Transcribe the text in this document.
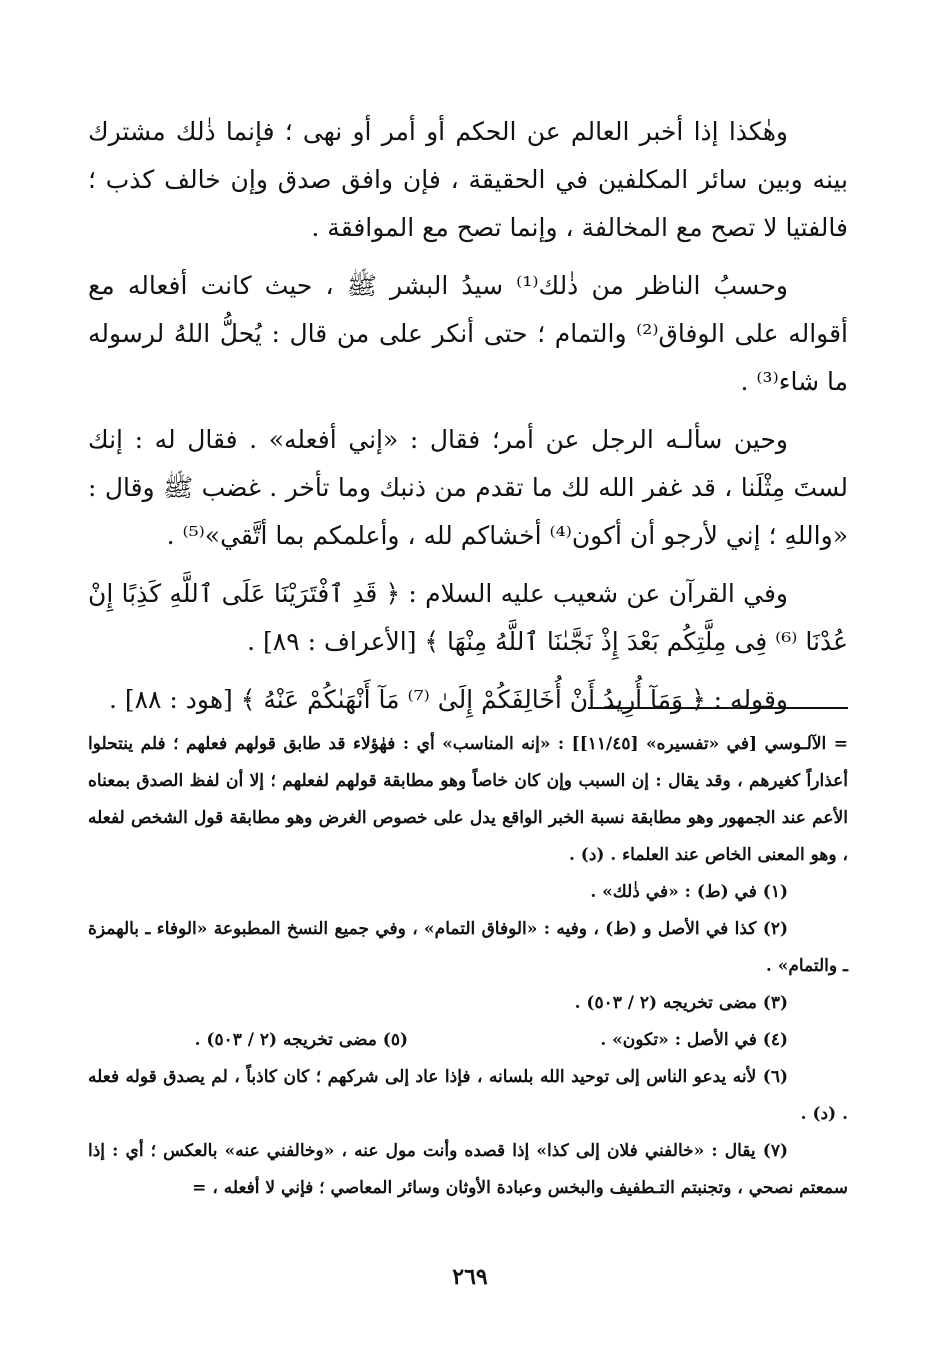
وهٰكذا إذا أخبر العالم عن الحكم أو أمر أو نهى ؛ فإنما ذٰلك مشترك بينه وبين سائر المكلفين في الحقيقة ، فإن وافق صدق وإن خالف كذب ؛ فالفتيا لا تصح مع المخالفة ، وإنما تصح مع الموافقة .

وحسبُ الناظر من ذٰلك⁽¹⁾ سيدُ البشر ﷺ ، حيث كانت أفعاله مع أقواله على الوفاق⁽²⁾ والتمام ؛ حتى أنكر على من قال : يُحلُّ اللهُ لرسوله ما شاء⁽³⁾ .

وحين سألـه الرجل عن أمر؛ فقال : «إني أفعله» . فقال له : إنك لستَ مِثْلَنا ، قد غفر الله لك ما تقدم من ذنبك وما تأخر . غضب ﷺ وقال : «واللهِ ؛ إني لأرجو أن أكون⁽⁴⁾ أخشاكم لله ، وأعلمكم بما أتَّقي»⁽⁵⁾ .

وفي القرآن عن شعيب عليه السلام : ﴿ قَدِ ٱفْتَرَيْنَا عَلَى ٱللَّهِ كَذِبًا إِنْ عُدْنَا ⁽⁶⁾ فِى مِلَّتِكُم بَعْدَ إِذْ نَجَّىٰنَا ٱللَّهُ مِنْهَا ﴾ [الأعراف : ٨٩] .

وقوله : ﴿ وَمَآ أُرِيدُ أَنْ أُخَالِفَكُمْ إِلَىٰ ⁽⁷⁾ مَآ أَنْهَىٰكُمْ عَنْهُ ﴾ [هود : ٨٨] .

= الآلـوسي [في «تفسيره» [١١/٤٥]] : «إنه المناسب» أي : فهٰؤلاء قد طابق قولهم فعلهم ؛ فلم ينتحلوا أعذاراً كغيرهم ، وقد يقال : إن السبب وإن كان خاصاً وهو مطابقة قولهم لفعلهم ؛ إلا أن لفظ الصدق بمعناه الأعم عند الجمهور وهو مطابقة نسبة الخبر الواقع يدل على خصوص الغرض وهو مطابقة قول الشخص لفعله ، وهو المعنى الخاص عند العلماء . (د) .

(١) في (ط) : «في ذٰلك» .

(٢) كذا في الأصل و (ط) ، وفيه : «الوفاق التمام» ، وفي جميع النسخ المطبوعة «الوفاء ـ بالهمزة ـ والتمام» .

(٣) مضى تخريجه (٢ / ٥٠٣) .

(٤) في الأصل : «تكون» .
(٥) مضى تخريجه (٢ / ٥٠٣) .

(٦) لأنه يدعو الناس إلى توحيد الله بلسانه ، فإذا عاد إلى شركهم ؛ كان كاذباً ، لم يصدق قوله فعله . (د) .

(٧) يقال : «خالفني فلان إلى كذا» إذا قصده وأنت مول عنه ، «وخالفني عنه» بالعكس ؛ أي : إذا سمعتم نصحي ، وتجنبتم التـطفيف والبخس وعبادة الأوثان وسائر المعاصي ؛ فإني لا أفعله ، =

٢٦٩
